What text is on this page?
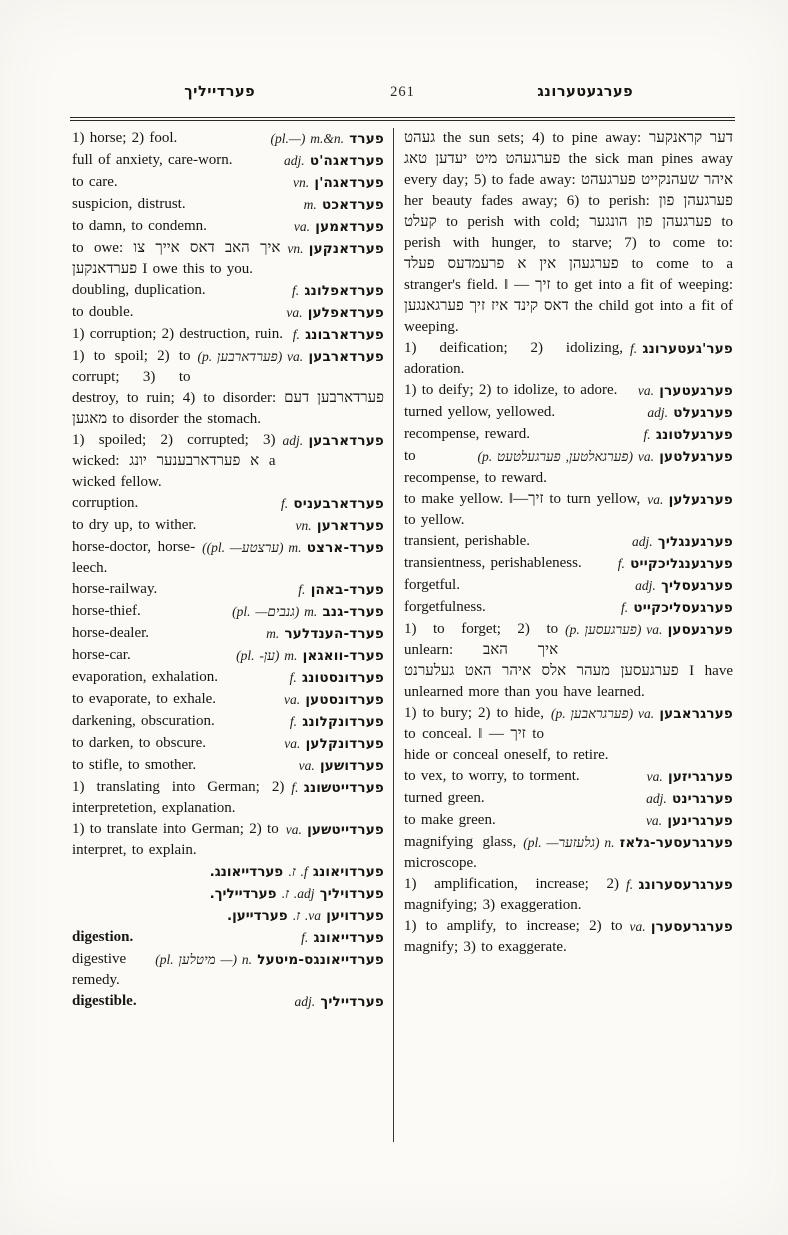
פערדייליך	261	פערגעטערונג

(pl.—) m.&n. פערד
1) horse; 2) fool.

adj. פערדאגה'ט
full of anxiety, care-worn.

vn. פערדאגה'ן
to care.

m. פערדאכט
suspicion, distrust.

va. פערדאמען
to damn, to condemn.

vn. פערדאנקען
to owe: איך האב דאס אייך צו פערדאנקען I owe this to you.

f. פערדאפלונג
doubling, duplication.

va. פערדאפלען
to double.

f. פערדארבונג
1) corruption; 2) destruction, ruin.

(p. פערדארבען) va. פערדארבען
1) to spoil; 2) to corrupt; 3) to destroy, to ruin; 4) to disorder: פערדארבען דעם מאגען to disorder the stomach.

adj. פערדארבען
1) spoiled; 2) corrupted; 3) wicked: א פערדארבענער יונג a wicked fellow.

f. פערדארבעניס
corruption.

vn. פערדארען
to dry up, to wither.

((pl. —ערצטע) m. פערד-ארצט
horse-doctor, horse-leech.

f. פערד-באהן
horse-railway.

(pl. —גנבים) m. פערד-גנב
horse-thief.

m. פערד-הענדלער
horse-dealer.

(pl. -ען) m. פערד-וואגאן
horse-car.

f. פערדונסטונג
evaporation, exhalation.

va. פערדונסטען
to evaporate, to exhale.

f. פערדונקלונג
darkening, obscuration.

va. פערדונקלען
to darken, to obscure.

va. פערדושען
to stifle, to smother.

f. פערדייטשונג
1) translating into German; 2) interpretetion, explanation.

va. פערדייטשען
1) to translate into German; 2) to interpret, to explain.

פערדויאונג f. ז. פערדייאונג.

פערדויליך adj. ז. פערדייליך.

פערדויען va. ז. פערדייען.

f. פערדייאונג
digestion.

(pl. מיטלען —) n. פערדייאונגס-מיטעל
digestive remedy.

adj. פערדייליך
digestible.

געהט the sun sets; 4) to pine away: דער קראנקער פערגעהט מיט יעדען טאג the sick man pines away every day; 5) to fade away: איהר שעהנקייט פערגעהט her beauty fades away; 6) to perish: פערגעהן פון קעלט to perish with cold; פערגעהן פון הונגער to perish with hunger, to starve; 7) to come to: פערגעהן אין א פרעמדעס פעלד to come to a stranger's field. ‖ — זיך to get into a fit of weeping: דאס קינד איז זיך פערגאנגען the child got into a fit of weeping.

f. פער'געטערונג
1) deification; 2) idolizing, adoration.

va. פערגעטערן
1) to deify; 2) to idolize, to adore.

adj. פערגעלט
turned yellow, yellowed.

f. פערגעלטונג
recompense, reward.

(p. פערגאלטען, פערגעלטעט) va. פערגעלטען
to recompense, to reward.

va. פערגעלען
to make yellow. ‖—זיך to turn yellow, to yellow.

adj. פערגענגליך
transient, perishable.

f. פערגענגליכקייט
transientness, perishableness.

adj. פערגעסליך
forgetful.

f. פערגעסליכקייט
forgetfulness.

(p. פערגעסען) va. פערגעסען
1) to forget; 2) to unlearn: איך האב פערגעסען מעהר אלס איהר האט געלערנט I have unlearned more than you have learned.

(p. פערגראבען) va. פערגראבען
1) to bury; 2) to hide, to conceal. ‖ — זיך to hide or conceal oneself, to retire.

va. פערגריזען
to vex, to worry, to torment.

adj. פערגרינט
turned green.

va. פערגרינען
to make green.

(pl. —גלעזער) n. פערגרעסער-גלאז
magnifying glass, microscope.

f. פערגרעסערונג
1) amplification, increase; 2) magnifying; 3) exaggeration.

va. פערגרעסערן
1) to amplify, to increase; 2) to magnify; 3) to exaggerate.
